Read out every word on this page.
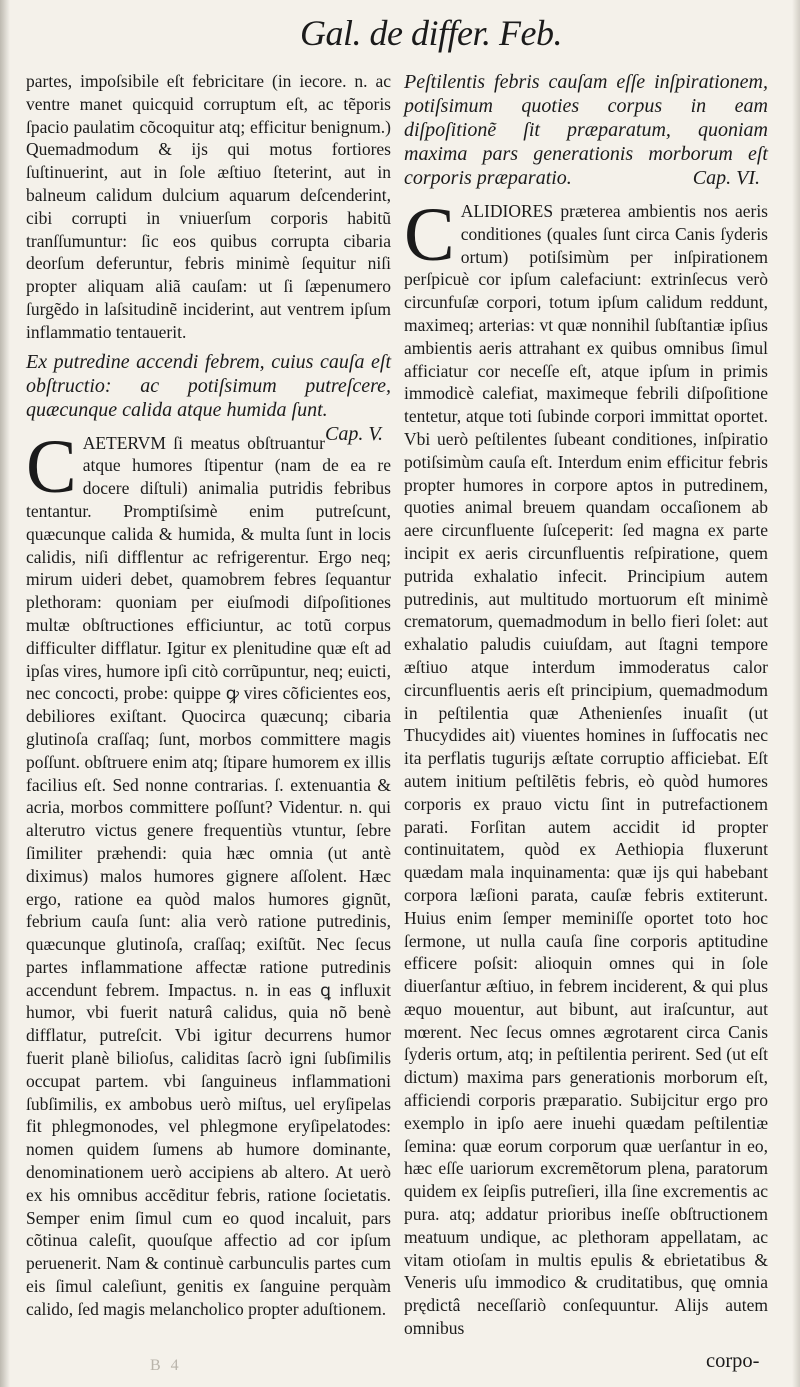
Gal. de differ. Feb.

partes, impoſsibile eſt febricitare (in iecore. n. ac ventre manet quicquid corruptum eſt, ac tẽporis ſpacio paulatim cõcoquitur atq; efficitur benignum.) Quemadmodum & ijs qui motus fortiores ſuſtinuerint, aut in ſole æſtiuo ſteterint, aut in balneum calidum dulcium aquarum deſcenderint, cibi corrupti in vniuerſum corporis habitũ tranſſumuntur: ſic eos quibus corrupta cibaria deorſum deferuntur, febris minimè ſequitur niſi propter aliquam aliã cauſam: ut ſi ſæpenumero ſurgẽdo in laſsitudinẽ inciderint, aut ventrem ipſum inflammatio tentauerit.

Ex putredine accendi febrem, cuius cauſa eſt obſtructio: ac potiſsimum putreſcere, quæcunque calida atque humida ſunt.
Cap. V.

CAETERVM ſi meatus obſtruantur atque humores ſtipentur (nam de ea re docere diſtuli) animalia putridis febribus tentantur. Promptiſsimè enim putreſcunt, quæcunque calida & humida, & multa ſunt in locis calidis, niſi difflentur ac refrigerentur. Ergo neq; mirum uideri debet, quamobrem febres ſequantur plethoram: quoniam per eiuſmodi diſpoſitiones multæ obſtructiones efficiuntur, ac totũ corpus difficulter difflatur. Igitur ex plenitudine quæ eſt ad ipſas vires, humore ipſi citò corrũpuntur, neq; euicti, nec concocti, probe: quippe ꝙ vires cõficientes eos, debiliores exiſtant. Quocirca quæcunq; cibaria glutinoſa craſſaq; ſunt, morbos committere magis poſſunt. obſtruere enim atq; ſtipare humorem ex illis facilius eſt. Sed nonne contrarias. ſ. extenuantia & acria, morbos committere poſſunt? Videntur. n. qui alterutro victus genere frequentiùs vtuntur, ſebre ſimiliter præhendi: quia hæc omnia (ut antè diximus) malos humores gignere aſſolent. Hæc ergo, ratione ea quòd malos humores gignũt, febrium cauſa ſunt: alia verò ratione putredinis, quæcunque glutinoſa, craſſaq; exiſtũt. Nec ſecus partes inflammatione affectæ ratione putredinis accendunt febrem. Impactus. n. in eas ꝗ influxit humor, vbi fuerit naturâ calidus, quia nõ benè difflatur, putreſcit. Vbi igitur decurrens humor fuerit planè bilioſus, caliditas ſacrò igni ſubſimilis occupat partem. vbi ſanguineus inflammationi ſubſimilis, ex ambobus uerò miſtus, uel eryſipelas fit phlegmonodes, vel phlegmone eryſipelatodes: nomen quidem ſumens ab humore dominante, denominationem uerò accipiens ab altero. At uerò ex his omnibus accẽditur febris, ratione ſocietatis. Semper enim ſimul cum eo quod incaluit, pars cõtinua caleſit, quouſque affectio ad cor ipſum peruenerit. Nam & continuè carbunculis partes cum eis ſimul caleſiunt, genitis ex ſanguine perquàm calido, ſed magis melancholico propter aduſtionem.

Peſtilentis febris cauſam eſſe inſpirationem, potiſsimum quoties corpus in eam diſpoſitionẽ ſit præparatum, quoniam maxima pars generationis morborum eſt corporis præparatio.	Cap. VI.

CALIDIORES præterea ambientis nos aeris conditiones (quales ſunt circa Canis ſyderis ortum) potiſsimùm per inſpirationem perſpicuè cor ipſum calefaciunt: extrinſecus verò circunfuſæ corpori, totum ipſum calidum reddunt, maximeq; arterias: vt quæ nonnihil ſubſtantiæ ipſius ambientis aeris attrahant ex quibus omnibus ſimul afficiatur cor neceſſe eſt, atque ipſum in primis immodicè calefiat, maximeque febrili diſpoſitione tentetur, atque toti ſubinde corpori immittat oportet. Vbi uerò peſtilentes ſubeant conditiones, inſpiratio potiſsimùm cauſa eſt. Interdum enim efficitur febris propter humores in corpore aptos in putredinem, quoties animal breuem quandam occaſionem ab aere circunfluente ſuſceperit: ſed magna ex parte incipit ex aeris circunfluentis reſpiratione, quem putrida exhalatio infecit. Principium autem putredinis, aut multitudo mortuorum eſt minimè crematorum, quemadmodum in bello fieri ſolet: aut exhalatio paludis cuiuſdam, aut ſtagni tempore æſtiuo atque interdum immoderatus calor circunfluentis aeris eſt principium, quemadmodum in peſtilentia quæ Athenienſes inuaſit (ut Thucydides ait) viuentes homines in ſuffocatis nec ita perflatis tugurijs æſtate corruptio afficiebat. Eſt autem initium peſtilẽtis febris, eò quòd humores corporis ex prauo victu ſint in putrefactionem parati. Forſitan autem accidit id propter continuitatem, quòd ex Aethiopia fluxerunt quædam mala inquinamenta: quæ ijs qui habebant corpora læſioni parata, cauſæ febris extiterunt. Huius enim ſemper meminiſſe oportet toto hoc ſermone, ut nulla cauſa ſine corporis aptitudine efficere poſsit: alioquin omnes qui in ſole diuerſantur æſtiuo, in febrem inciderent, & qui plus æquo mouentur, aut bibunt, aut iraſcuntur, aut mœrent. Nec ſecus omnes ægrotarent circa Canis ſyderis ortum, atq; in peſtilentia perirent. Sed (ut eſt dictum) maxima pars generationis morborum eſt, afficiendi corporis præparatio. Subijcitur ergo pro exemplo in ipſo aere inuehi quædam peſtilentiæ ſemina: quæ eorum corporum quæ uerſantur in eo, hæc eſſe uariorum excremẽtorum plena, paratorum quidem ex ſeipſis putreſieri, illa ſine excrementis ac pura. atq; addatur prioribus ineſſe obſtructionem meatuum undique, ac plethoram appellatam, ac vitam otioſam in multis epulis & ebrietatibus & Veneris uſu immodico & cruditatibus, quę omnia prędictâ neceſſariò conſequuntur. Alijs autem omnibus

B 4	corpo-
